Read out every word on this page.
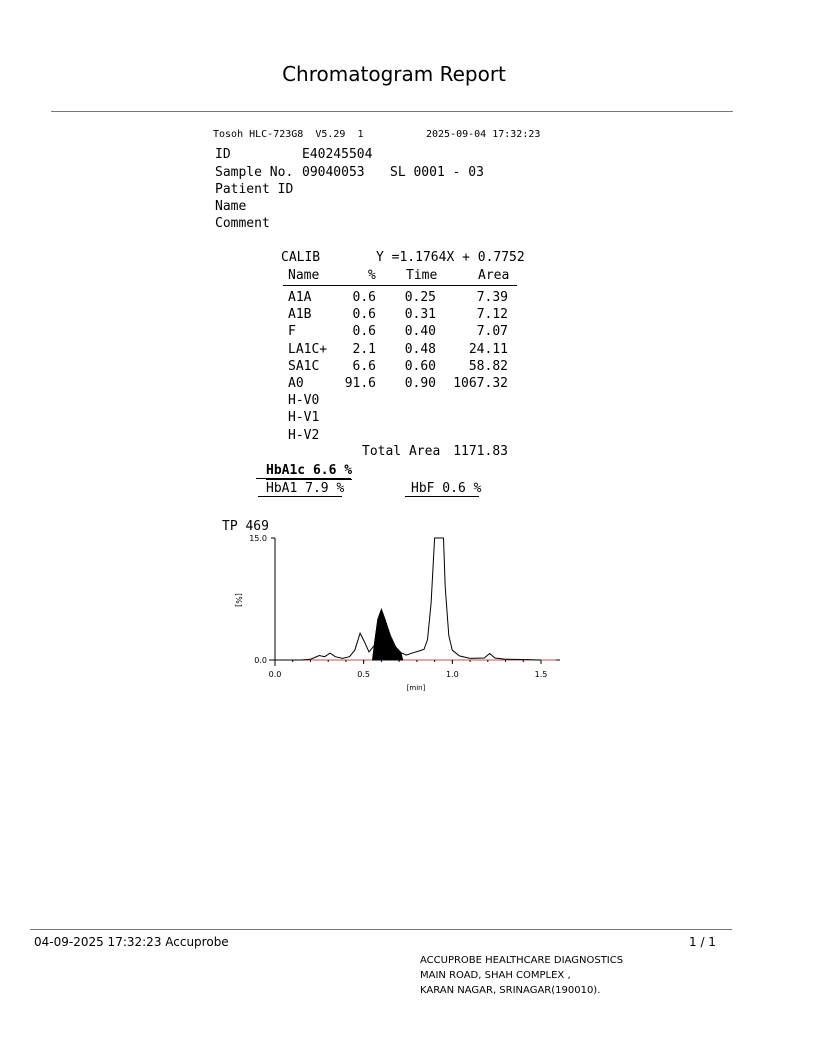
Chromatogram Report
Tosoh HLC-723G8  V5.29  1	2025-09-04 17:32:23
ID	E40245504
Sample No. 09040053 SL 0001 - 03
Patient ID
Name
Comment
CALIB	Y =1.1764X + 0.7752
Name	% Time	Area
A1A	0.6	0.25	7.39
A1B	0.6	0.31	7.12
F	0.6	0.40	7.07
LA1C+	2.1	0.48	24.11
SA1C	6.6	0.60	58.82
A0	91.6	0.90	1067.32
H-V0
H-V1
H-V2
Total Area 1171.83
HbA1c 6.6 %
HbA1 7.9 %	HbF 0.6 %
TP 469
0.0
15.0
0.0	0.5	1.0	1.5
[min]
[%]
04-09-2025 17:32:23 Accuprobe	1 / 1
ACCUPROBE HEALTHCARE DIAGNOSTICS
MAIN ROAD, SHAH COMPLEX ,
KARAN NAGAR, SRINAGAR(190010).
